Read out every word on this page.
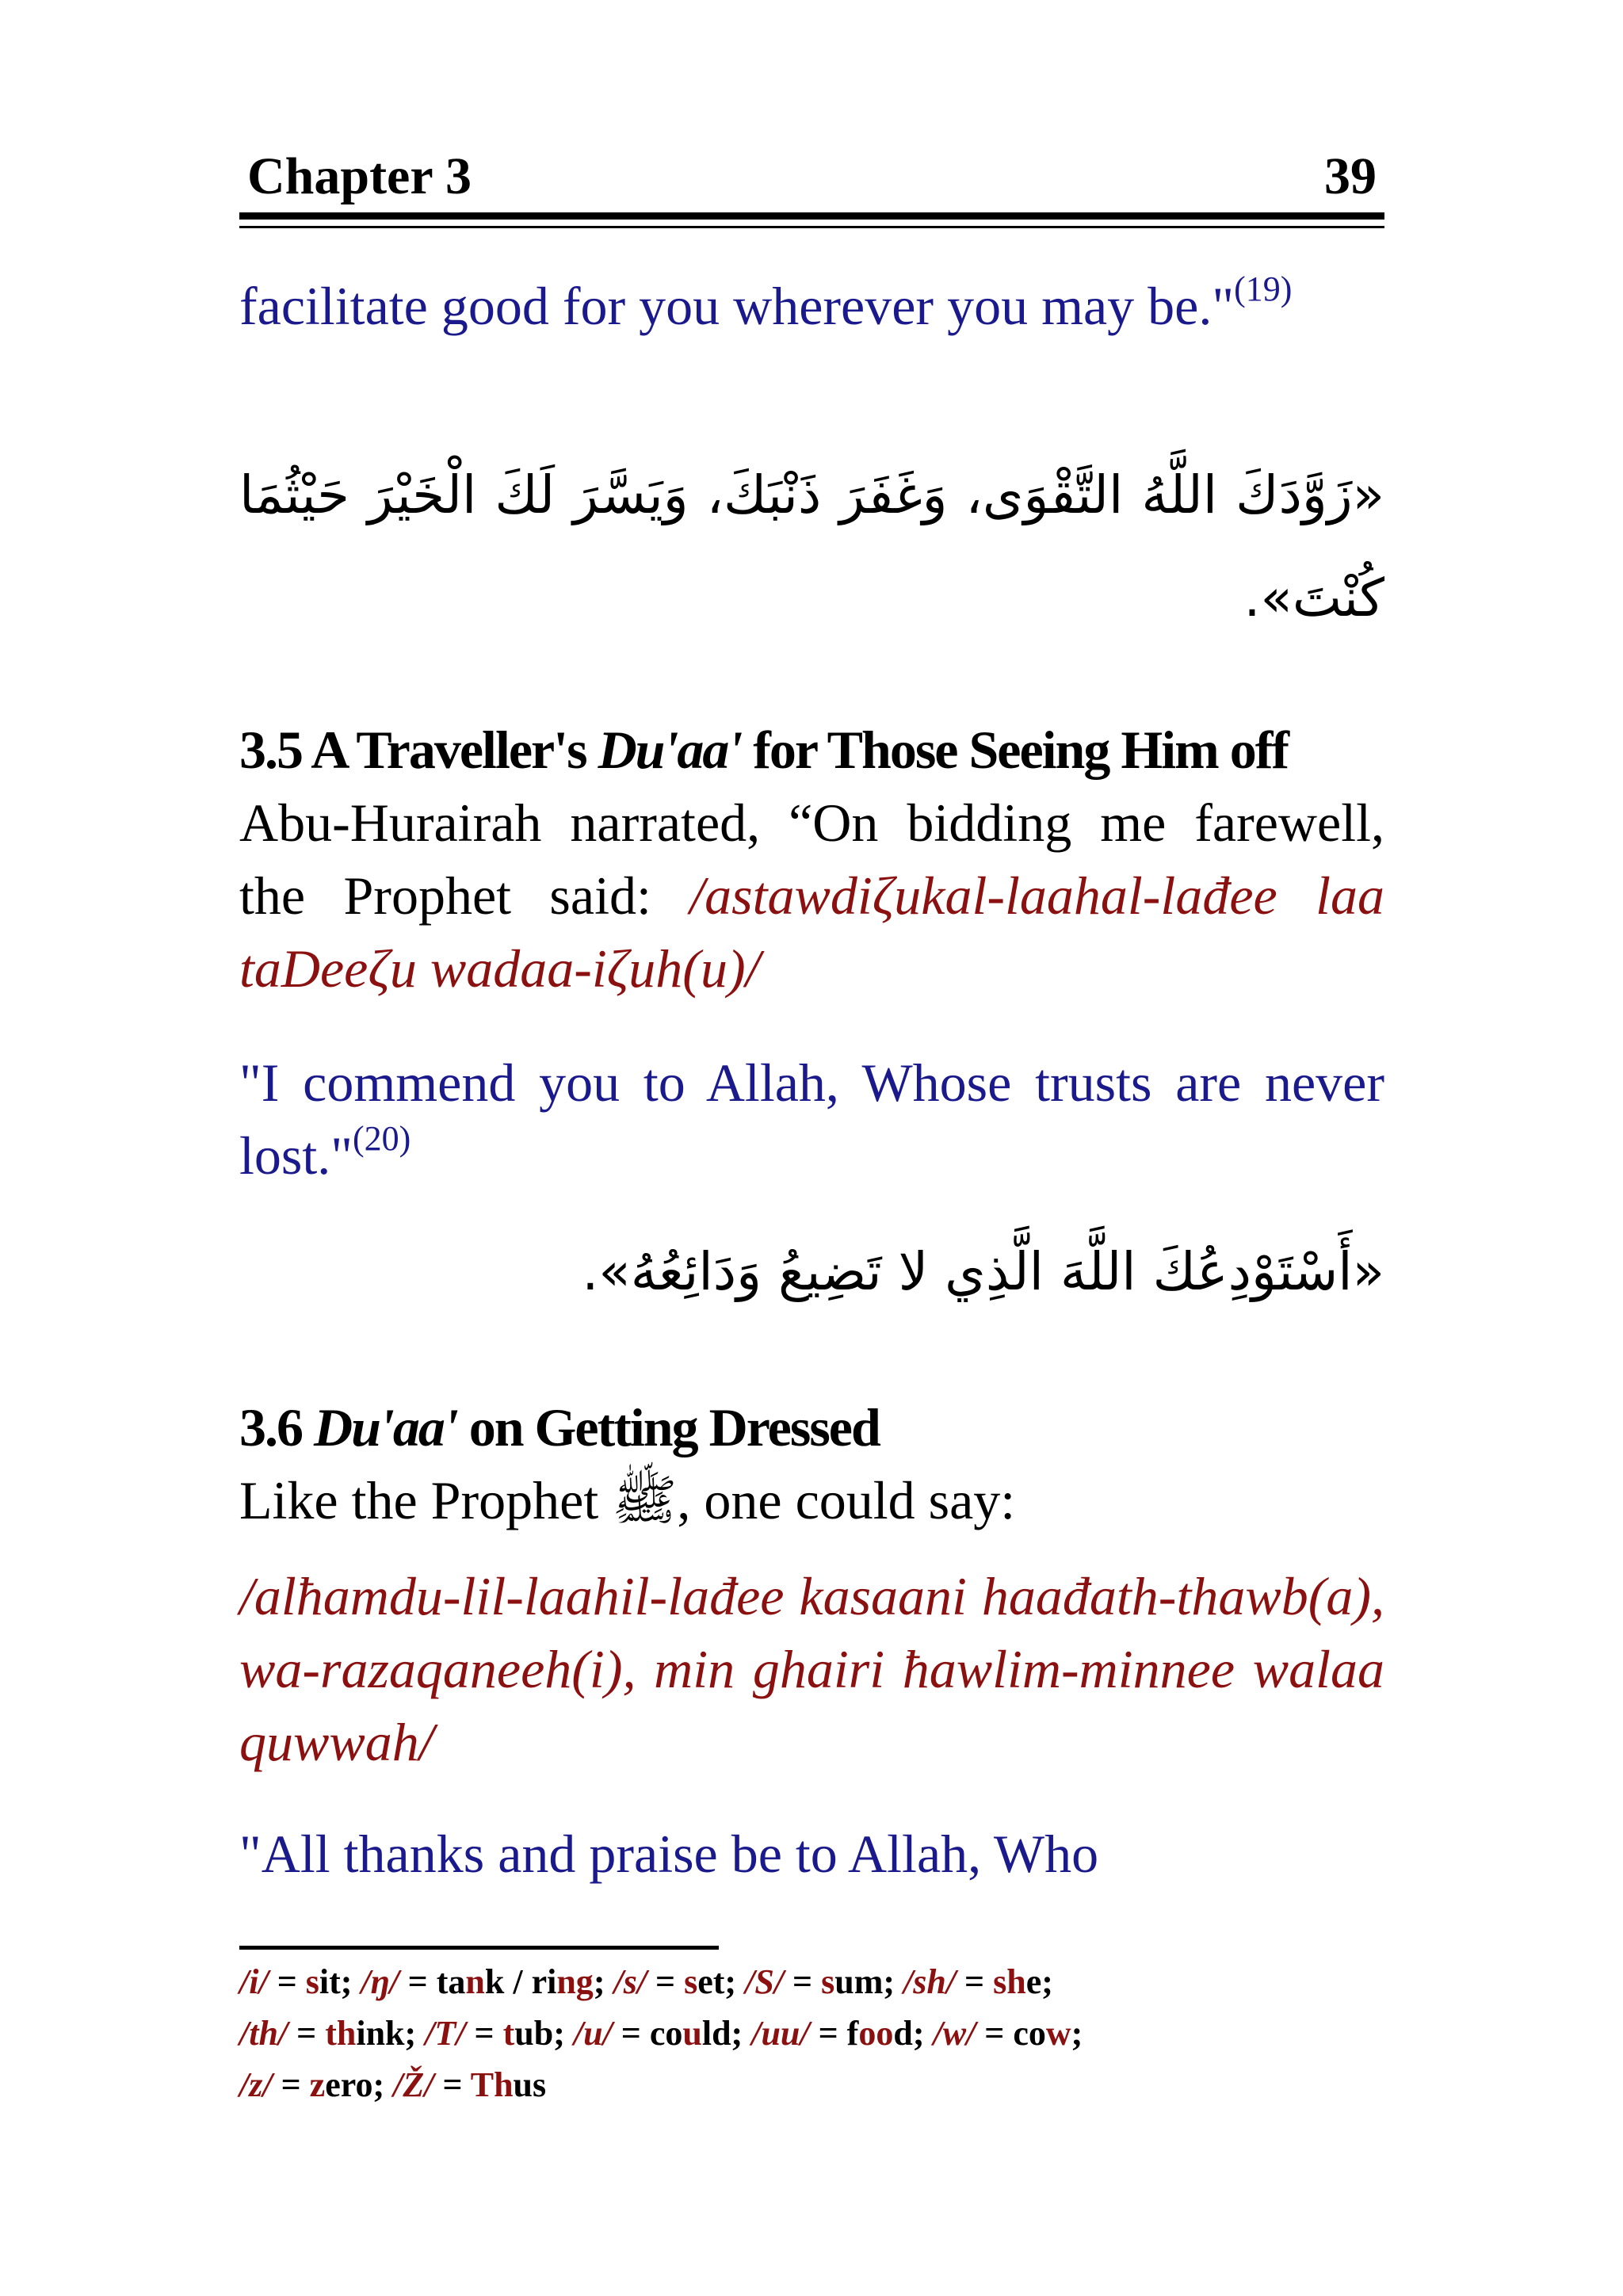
Chapter 3	39

facilitate good for you wherever you may be."$^{(19)}$

«زَوَّدَكَ اللَّهُ التَّقْوَى، وَغَفَرَ ذَنْبَكَ، وَيَسَّرَ لَكَ الْخَيْرَ حَيْثُمَا كُنْتَ».

3.5 A Traveller's Du'aa' for Those Seeing Him off

Abu-Hurairah narrated, “On bidding me farewell, the Prophet said: /astawdiζukal-laahal-lađee laa taDeeζu wadaa-iζuh(u)/

"I commend you to Allah, Whose trusts are never lost."$^{(20)}$

«أَسْتَوْدِعُكَ اللَّهَ الَّذِي لا تَضِيعُ وَدَائِعُهُ».

3.6 Du'aa' on Getting Dressed

Like the Prophet ﷺ, one could say:

/alħamdu-lil-laahil-lađee kasaani haađath-thawb(a), wa-razaqaneeh(i), min ghairi ħawlim-minnee walaa quwwah/

"All thanks and praise be to Allah, Who

/i/ = sit; /ŋ/ = tank / ring; /s/ = set; /S/ = sum; /sh/ = she;
/th/ = think; /T/ = tub; /u/ = could; /uu/ = food; /w/ = cow;
/z/ = zero; /Ž/ = Thus
